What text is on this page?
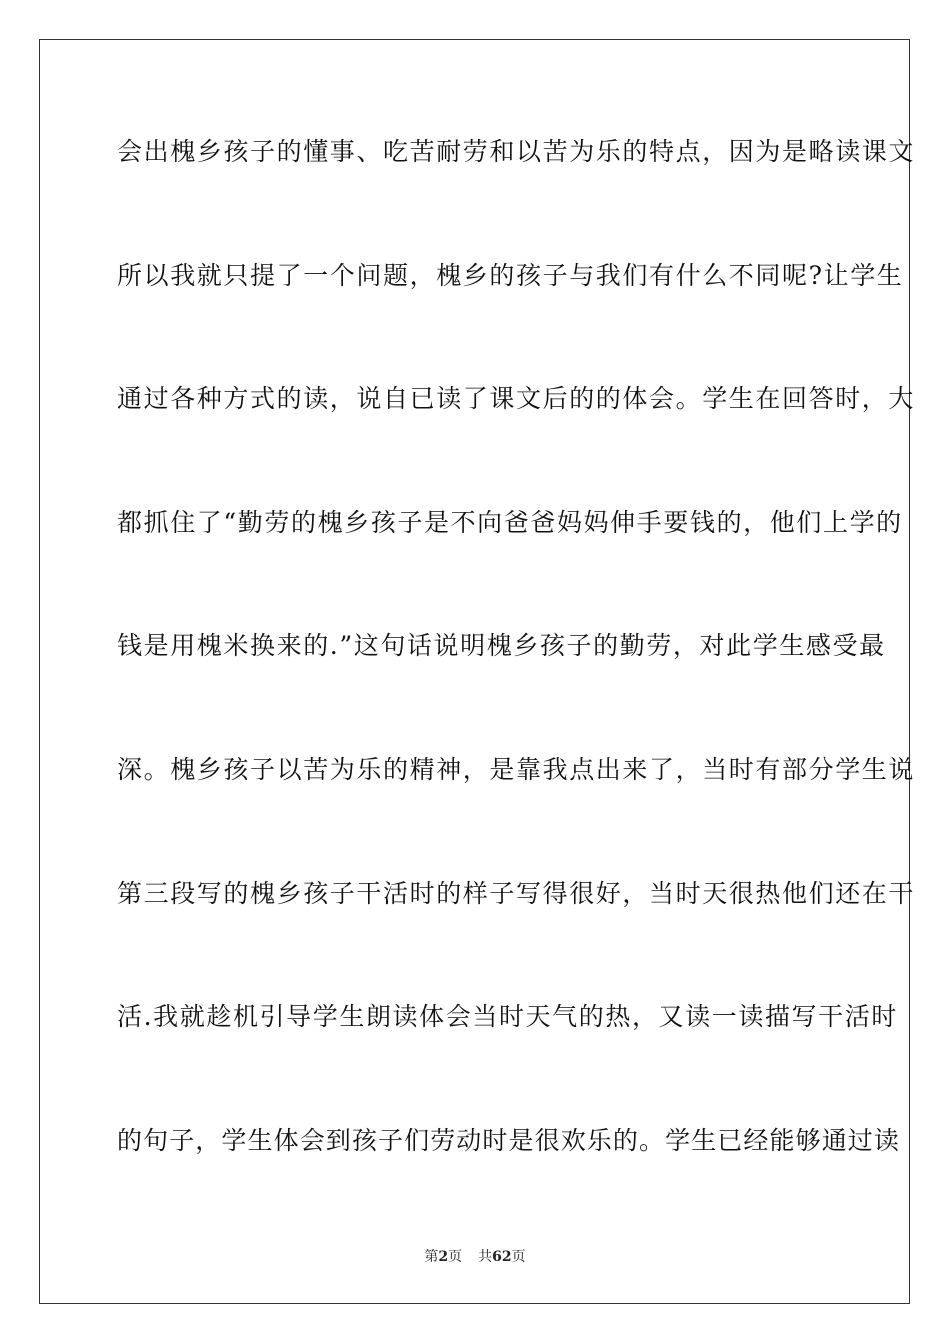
会出槐乡孩子的懂事、吃苦耐劳和以苦为乐的特点，因为是略读课文
所以我就只提了一个问题，槐乡的孩子与我们有什么不同呢?让学生
通过各种方式的读，说自已读了课文后的的体会。学生在回答时，大
都抓住了“勤劳的槐乡孩子是不向爸爸妈妈伸手要钱的，他们上学的
钱是用槐米换来的.”这句话说明槐乡孩子的勤劳，对此学生感受最
深。槐乡孩子以苦为乐的精神，是靠我点出来了，当时有部分学生说
第三段写的槐乡孩子干活时的样子写得很好，当时天很热他们还在干
活.我就趁机引导学生朗读体会当时天气的热，又读一读描写干活时
的句子，学生体会到孩子们劳动时是很欢乐的。学生已经能够通过读
第2页 共62页
